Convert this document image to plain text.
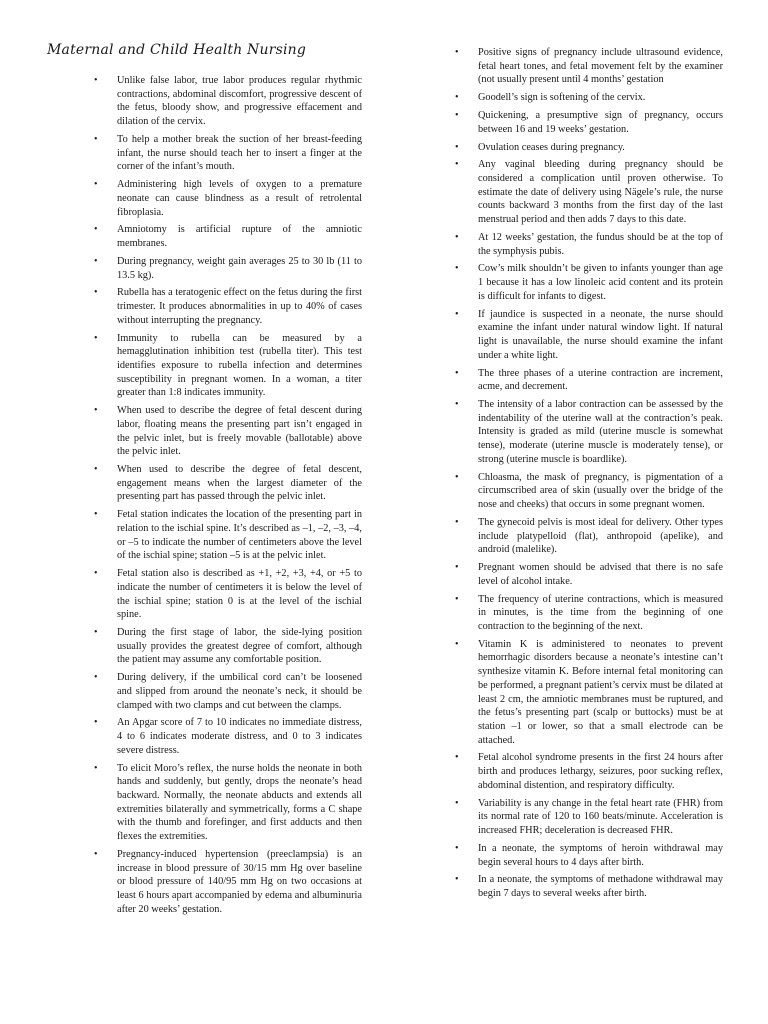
Maternal and Child Health Nursing
• Unlike false labor, true labor produces regular rhythmic contractions, abdominal discomfort, progressive descent of the fetus, bloody show, and progressive effacement and dilation of the cervix.
• To help a mother break the suction of her breast-feeding infant, the nurse should teach her to insert a finger at the corner of the infant’s mouth.
• Administering high levels of oxygen to a premature neonate can cause blindness as a result of retrolental fibroplasia.
• Amniotomy is artificial rupture of the amniotic membranes.
• During pregnancy, weight gain averages 25 to 30 lb (11 to 13.5 kg).
• Rubella has a teratogenic effect on the fetus during the first trimester. It produces abnormalities in up to 40% of cases without interrupting the pregnancy.
• Immunity to rubella can be measured by a hemagglutination inhibition test (rubella titer). This test identifies exposure to rubella infection and determines susceptibility in pregnant women. In a woman, a titer greater than 1:8 indicates immunity.
• When used to describe the degree of fetal descent during labor, floating means the presenting part isn’t engaged in the pelvic inlet, but is freely movable (ballotable) above the pelvic inlet.
• When used to describe the degree of fetal descent, engagement means when the largest diameter of the presenting part has passed through the pelvic inlet.
• Fetal station indicates the location of the presenting part in relation to the ischial spine. It’s described as –1, –2, –3, –4, or –5 to indicate the number of centimeters above the level of the ischial spine; station –5 is at the pelvic inlet.
• Fetal station also is described as +1, +2, +3, +4, or +5 to indicate the number of centimeters it is below the level of the ischial spine; station 0 is at the level of the ischial spine.
• During the first stage of labor, the side-lying position usually provides the greatest degree of comfort, although the patient may assume any comfortable position.
• During delivery, if the umbilical cord can’t be loosened and slipped from around the neonate’s neck, it should be clamped with two clamps and cut between the clamps.
• An Apgar score of 7 to 10 indicates no immediate distress, 4 to 6 indicates moderate distress, and 0 to 3 indicates severe distress.
• To elicit Moro’s reflex, the nurse holds the neonate in both hands and suddenly, but gently, drops the neonate’s head backward. Normally, the neonate abducts and extends all extremities bilaterally and symmetrically, forms a C shape with the thumb and forefinger, and first adducts and then flexes the extremities.
• Pregnancy-induced hypertension (preeclampsia) is an increase in blood pressure of 30/15 mm Hg over baseline or blood pressure of 140/95 mm Hg on two occasions at least 6 hours apart accompanied by edema and albuminuria after 20 weeks’ gestation.
• Positive signs of pregnancy include ultrasound evidence, fetal heart tones, and fetal movement felt by the examiner (not usually present until 4 months’ gestation
• Goodell’s sign is softening of the cervix.
• Quickening, a presumptive sign of pregnancy, occurs between 16 and 19 weeks’ gestation.
• Ovulation ceases during pregnancy.
• Any vaginal bleeding during pregnancy should be considered a complication until proven otherwise. To estimate the date of delivery using Nägele’s rule, the nurse counts backward 3 months from the first day of the last menstrual period and then adds 7 days to this date.
• At 12 weeks’ gestation, the fundus should be at the top of the symphysis pubis.
• Cow’s milk shouldn’t be given to infants younger than age 1 because it has a low linoleic acid content and its protein is difficult for infants to digest.
• If jaundice is suspected in a neonate, the nurse should examine the infant under natural window light. If natural light is unavailable, the nurse should examine the infant under a white light.
• The three phases of a uterine contraction are increment, acme, and decrement.
• The intensity of a labor contraction can be assessed by the indentability of the uterine wall at the contraction’s peak. Intensity is graded as mild (uterine muscle is somewhat tense), moderate (uterine muscle is moderately tense), or strong (uterine muscle is boardlike).
• Chloasma, the mask of pregnancy, is pigmentation of a circumscribed area of skin (usually over the bridge of the nose and cheeks) that occurs in some pregnant women.
• The gynecoid pelvis is most ideal for delivery. Other types include platypelloid (flat), anthropoid (apelike), and android (malelike).
• Pregnant women should be advised that there is no safe level of alcohol intake.
• The frequency of uterine contractions, which is measured in minutes, is the time from the beginning of one contraction to the beginning of the next.
• Vitamin K is administered to neonates to prevent hemorrhagic disorders because a neonate’s intestine can’t synthesize vitamin K. Before internal fetal monitoring can be performed, a pregnant patient’s cervix must be dilated at least 2 cm, the amniotic membranes must be ruptured, and the fetus’s presenting part (scalp or buttocks) must be at station –1 or lower, so that a small electrode can be attached.
• Fetal alcohol syndrome presents in the first 24 hours after birth and produces lethargy, seizures, poor sucking reflex, abdominal distention, and respiratory difficulty.
• Variability is any change in the fetal heart rate (FHR) from its normal rate of 120 to 160 beats/minute. Acceleration is increased FHR; deceleration is decreased FHR.
• In a neonate, the symptoms of heroin withdrawal may begin several hours to 4 days after birth.
• In a neonate, the symptoms of methadone withdrawal may begin 7 days to several weeks after birth.
